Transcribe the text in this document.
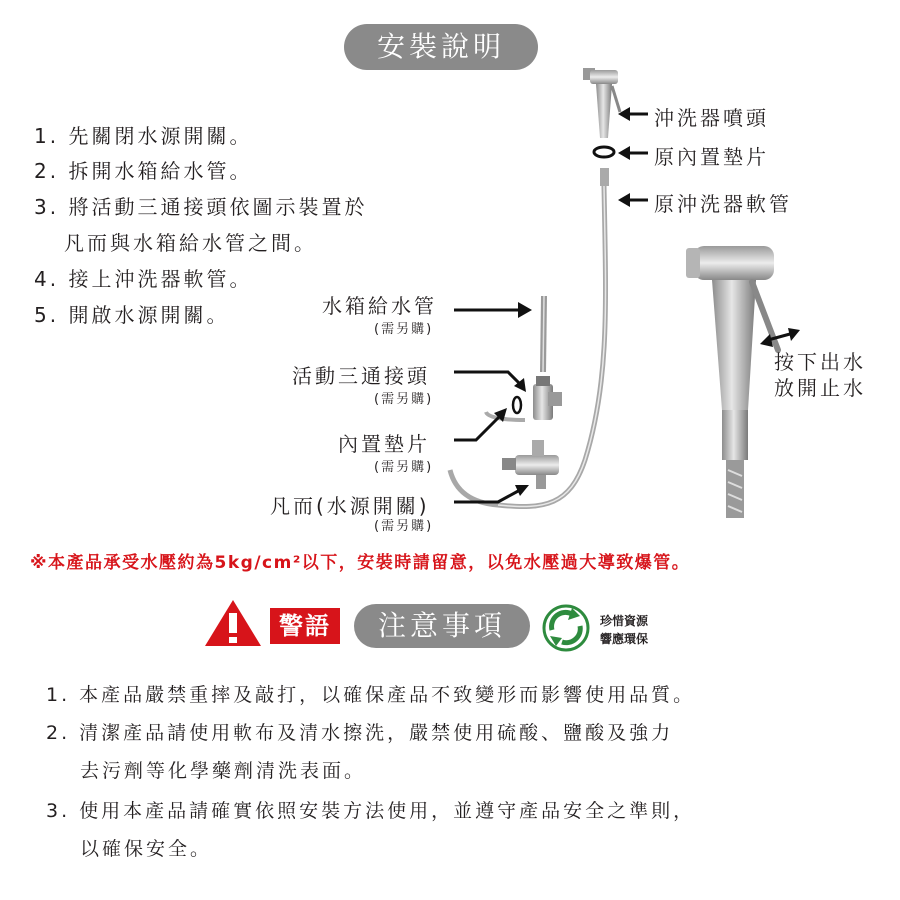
安裝說明
1. 先關閉水源開關。
2. 拆開水箱給水管。
3. 將活動三通接頭依圖示裝置於
凡而與水箱給水管之間。
4. 接上沖洗器軟管。
5. 開啟水源開關。
沖洗器噴頭
原內置墊片
原沖洗器軟管
水箱給水管
(需另購)
活動三通接頭
(需另購)
內置墊片
(需另購)
凡而(水源開關)
(需另購)
按下出水
放開止水
※本產品承受水壓約為5kg/cm²以下，安裝時請留意，以免水壓過大導致爆管。
警語	注意事項	珍惜資源
響應環保
1. 本產品嚴禁重摔及敲打，以確保產品不致變形而影響使用品質。
2. 清潔產品請使用軟布及清水擦洗，嚴禁使用硫酸、鹽酸及強力
去污劑等化學藥劑清洗表面。
3. 使用本產品請確實依照安裝方法使用，並遵守產品安全之準則，
以確保安全。
